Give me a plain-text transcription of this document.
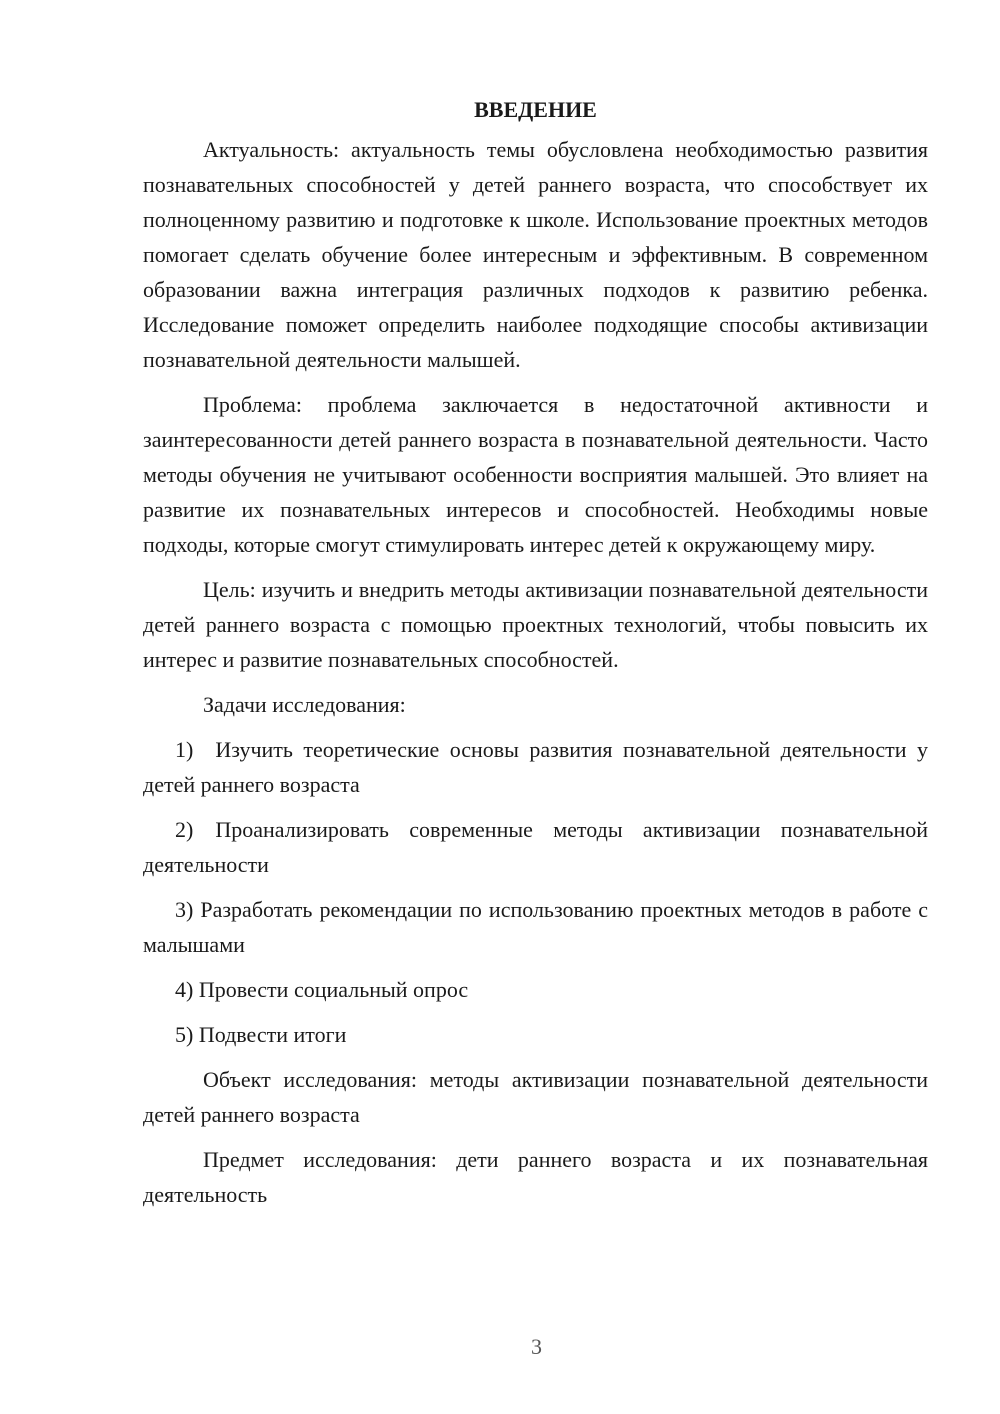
ВВЕДЕНИЕ

Актуальность: актуальность темы обусловлена необходимостью развития познавательных способностей у детей раннего возраста, что способствует их полноценному развитию и подготовке к школе. Использование проектных методов помогает сделать обучение более интересным и эффективным. В современном образовании важна интеграция различных подходов к развитию ребенка. Исследование поможет определить наиболее подходящие способы активизации познавательной деятельности малышей.

Проблема: проблема заключается в недостаточной активности и заинтересованности детей раннего возраста в познавательной деятельности. Часто методы обучения не учитывают особенности восприятия малышей. Это влияет на развитие их познавательных интересов и способностей. Необходимы новые подходы, которые смогут стимулировать интерес детей к окружающему миру.

Цель: изучить и внедрить методы активизации познавательной деятельности детей раннего возраста с помощью проектных технологий, чтобы повысить их интерес и развитие познавательных способностей.

Задачи исследования:

1)  Изучить теоретические основы развития познавательной деятельности у детей раннего возраста

2)  Проанализировать современные методы активизации познавательной деятельности

3) Разработать рекомендации по использованию проектных методов в работе с малышами

4) Провести социальный опрос

5) Подвести итоги

Объект исследования: методы активизации познавательной деятельности детей раннего возраста

Предмет исследования: дети раннего возраста и их познавательная деятельность

3
